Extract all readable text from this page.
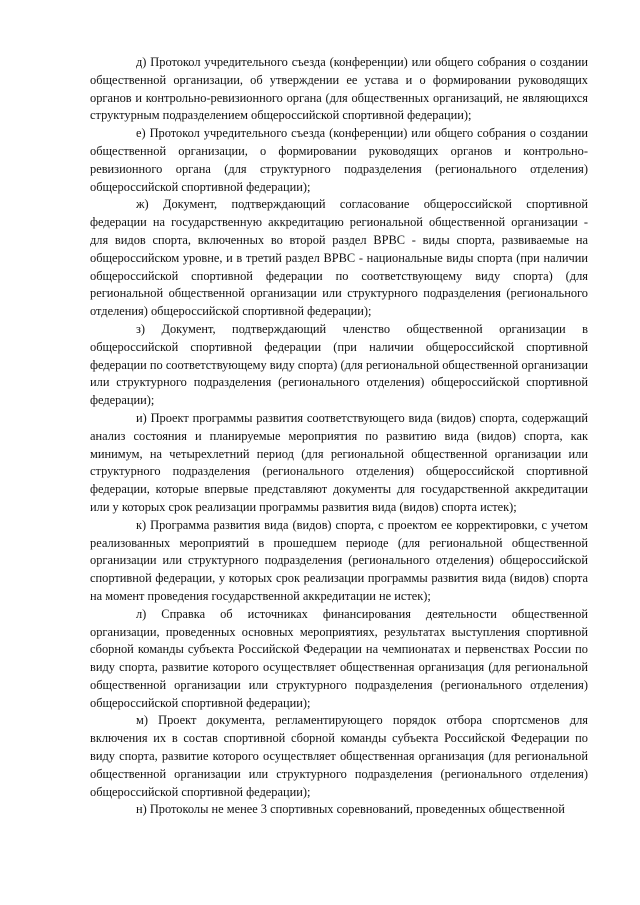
д) Протокол учредительного съезда (конференции) или общего собрания о создании общественной организации, об утверждении ее устава и о формировании руководящих органов и контрольно-ревизионного органа (для общественных организаций, не являющихся структурным подразделением общероссийской спортивной федерации);

е) Протокол учредительного съезда (конференции) или общего собрания о создании общественной организации, о формировании руководящих органов и контрольно-ревизионного органа (для структурного подразделения (регионального отделения) общероссийской спортивной федерации);

ж) Документ, подтверждающий согласование общероссийской спортивной федерации на государственную аккредитацию региональной общественной организации - для видов спорта, включенных во второй раздел ВРВС - виды спорта, развиваемые на общероссийском уровне, и в третий раздел ВРВС - национальные виды спорта (при наличии общероссийской спортивной федерации по соответствующему виду спорта) (для региональной общественной организации или структурного подразделения (регионального отделения) общероссийской спортивной федерации);

з) Документ, подтверждающий членство общественной организации в общероссийской спортивной федерации (при наличии общероссийской спортивной федерации по соответствующему виду спорта) (для региональной общественной организации или структурного подразделения (регионального отделения) общероссийской спортивной федерации);

и) Проект программы развития соответствующего вида (видов) спорта, содержащий анализ состояния и планируемые мероприятия по развитию вида (видов) спорта, как минимум, на четырехлетний период (для региональной общественной организации или структурного подразделения (регионального отделения) общероссийской спортивной федерации, которые впервые представляют документы для государственной аккредитации или у которых срок реализации программы развития вида (видов) спорта истек);

к) Программа развития вида (видов) спорта, с проектом ее корректировки, с учетом реализованных мероприятий в прошедшем периоде (для региональной общественной организации или структурного подразделения (регионального отделения) общероссийской спортивной федерации, у которых срок реализации программы развития вида (видов) спорта на момент проведения государственной аккредитации не истек);

л) Справка об источниках финансирования деятельности общественной организации, проведенных основных мероприятиях, результатах выступления спортивной сборной команды субъекта Российской Федерации на чемпионатах и первенствах России по виду спорта, развитие которого осуществляет общественная организация (для региональной общественной организации или структурного подразделения (регионального отделения) общероссийской спортивной федерации);

м) Проект документа, регламентирующего порядок отбора спортсменов для включения их в состав спортивной сборной команды субъекта Российской Федерации по виду спорта, развитие которого осуществляет общественная организация (для региональной общественной организации или структурного подразделения (регионального отделения) общероссийской спортивной федерации);

н) Протоколы не менее 3 спортивных соревнований, проведенных общественной
